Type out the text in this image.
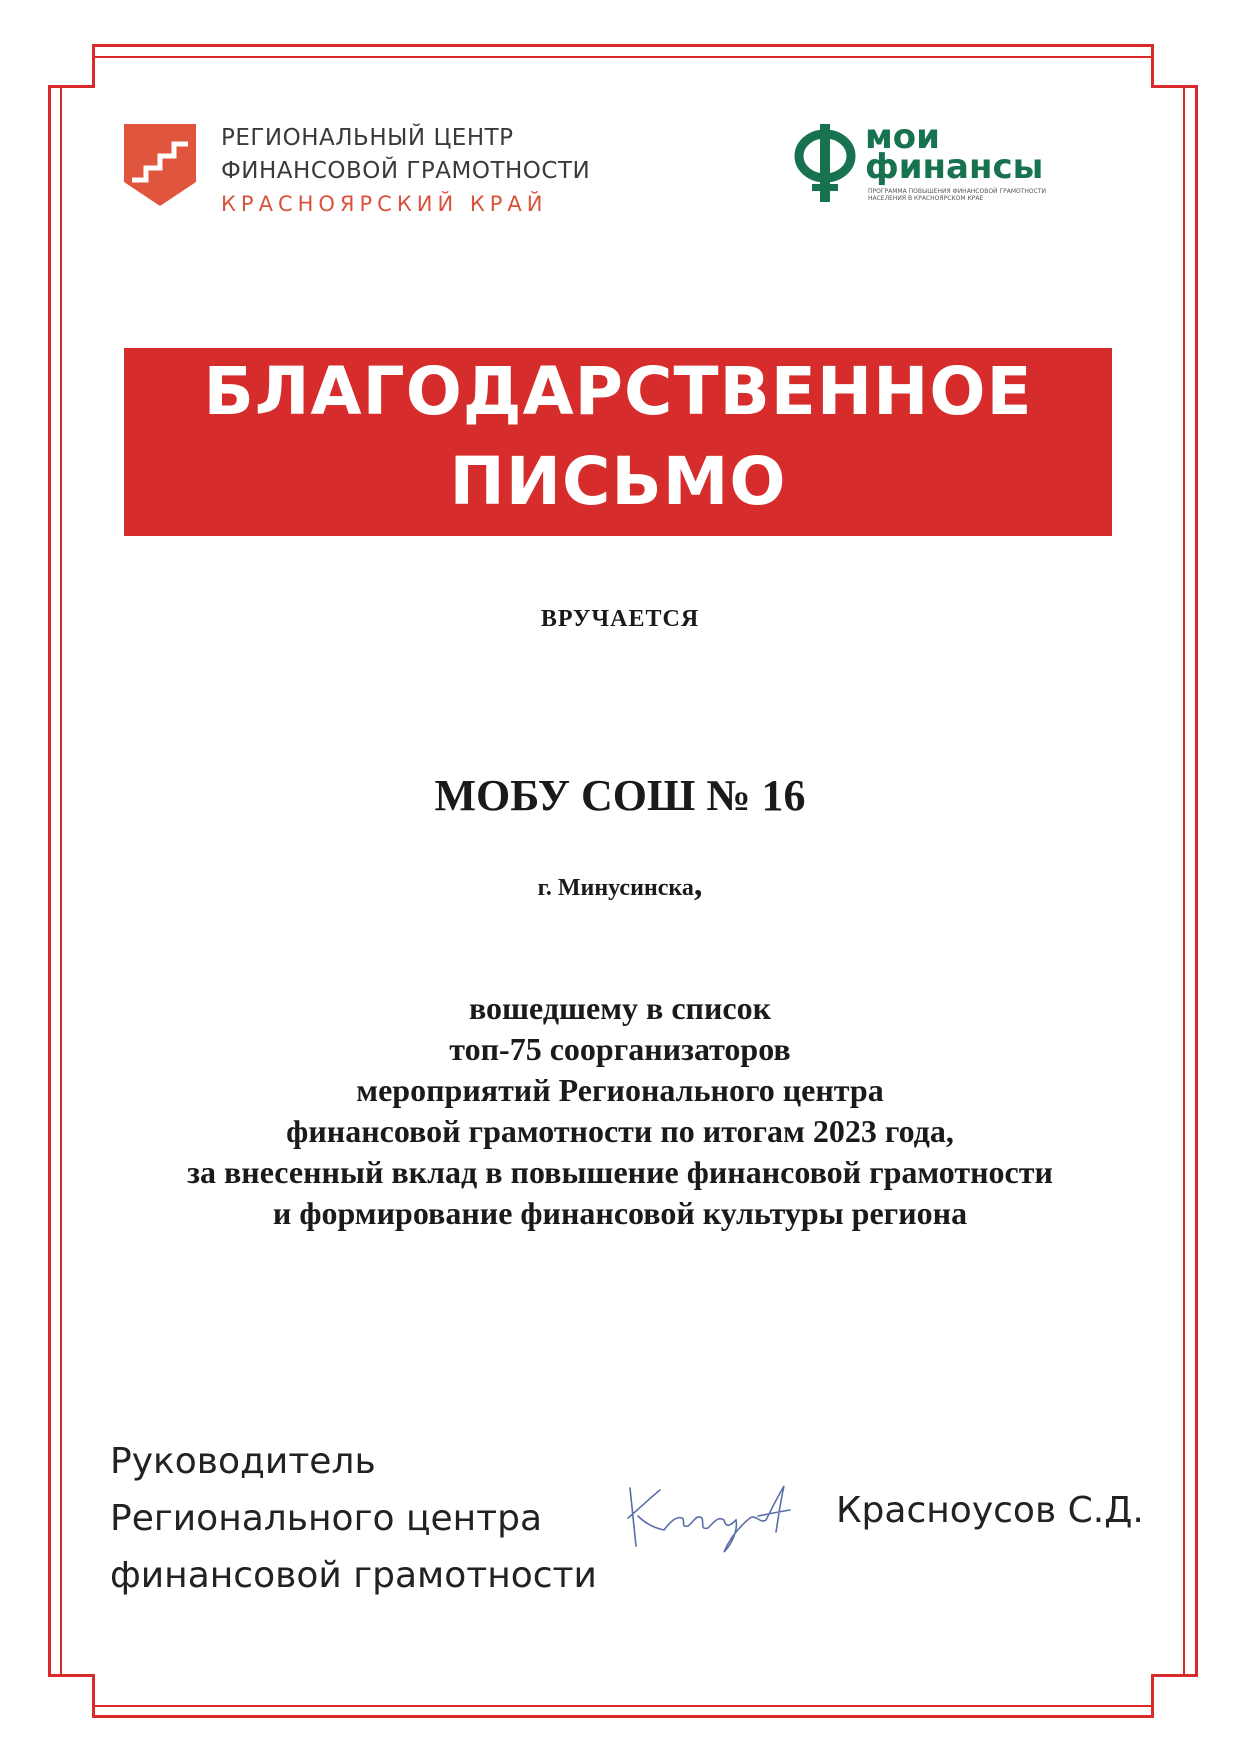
РЕГИОНАЛЬНЫЙ ЦЕНТР
ФИНАНСОВОЙ ГРАМОТНОСТИ
КРАСНОЯРСКИЙ КРАЙ
мои
финансы
ПРОГРАММА ПОВЫШЕНИЯ ФИНАНСОВОЙ ГРАМОТНОСТИ НАСЕЛЕНИЯ В КРАСНОЯРСКОМ КРАЕ
БЛАГОДАРСТВЕННОЕ
ПИСЬМО
ВРУЧАЕТСЯ
МОБУ СОШ № 16
г. Минусинска,
вошедшему в список
топ-75 соорганизаторов
мероприятий Регионального центра
финансовой грамотности по итогам 2023 года,
за внесенный вклад в повышение финансовой грамотности
и формирование финансовой культуры региона
Руководитель
Регионального центра
финансовой грамотности
Красноусов С.Д.
